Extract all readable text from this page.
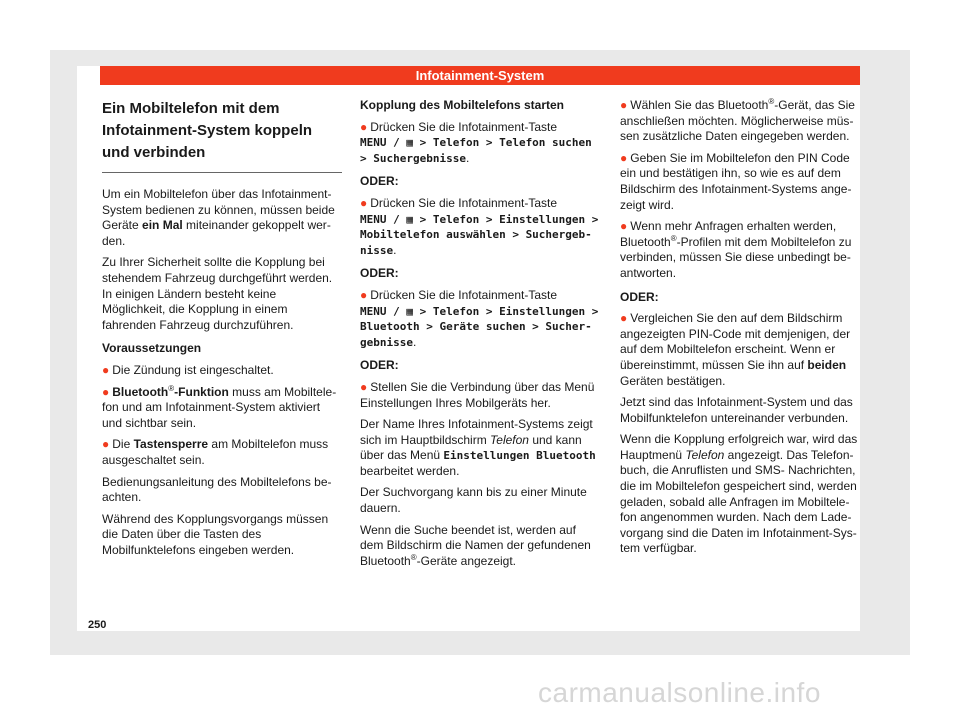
Infotainment-System
Ein Mobiltelefon mit dem Infotainment-System koppeln und verbinden

Um ein Mobiltelefon über das Infotainment-System bedienen zu können, müssen beide Geräte ein Mal miteinander gekoppelt werden.

Zu Ihrer Sicherheit sollte die Kopplung bei stehendem Fahrzeug durchgeführt werden. In einigen Ländern besteht keine Möglichkeit, die Kopplung in einem fahrenden Fahrzeug durchzuführen.

Voraussetzungen
● Die Zündung ist eingeschaltet.
● Bluetooth®-Funktion muss am Mobiltelefon und am Infotainment-System aktiviert und sichtbar sein.
● Die Tastensperre am Mobiltelefon muss ausgeschaltet sein.

Bedienungsanleitung des Mobiltelefons beachten.

Während des Kopplungsvorgangs müssen die Daten über die Tasten des Mobilfunktelefons eingeben werden.

Kopplung des Mobiltelefons starten
● Drücken Sie die Infotainment-Taste
MENU / ▦ > Telefon > Telefon suchen > Suchergebnisse.
ODER:
● Drücken Sie die Infotainment-Taste
MENU / ▦ > Telefon > Einstellungen > Mobiltelefon auswählen > Suchergebnisse.
ODER:
● Drücken Sie die Infotainment-Taste
MENU / ▦ > Telefon > Einstellungen > Bluetooth > Geräte suchen > Suchergebnisse.
ODER:
● Stellen Sie die Verbindung über das Menü Einstellungen Ihres Mobilgeräts her.

Der Name Ihres Infotainment-Systems zeigt sich im Hauptbildschirm Telefon und kann über das Menü Einstellungen Bluetooth bearbeitet werden.

Der Suchvorgang kann bis zu einer Minute dauern.

Wenn die Suche beendet ist, werden auf dem Bildschirm die Namen der gefundenen Bluetooth®-Geräte angezeigt.

● Wählen Sie das Bluetooth®-Gerät, das Sie anschließen möchten. Möglicherweise müssen zusätzliche Daten eingegeben werden.
● Geben Sie im Mobiltelefon den PIN Code ein und bestätigen ihn, so wie es auf dem Bildschirm des Infotainment-Systems angezeigt wird.
● Wenn mehr Anfragen erhalten werden, Bluetooth®-Profilen mit dem Mobiltelefon zu verbinden, müssen Sie diese unbedingt beantworten.
ODER:
● Vergleichen Sie den auf dem Bildschirm angezeigten PIN-Code mit demjenigen, der auf dem Mobiltelefon erscheint. Wenn er übereinstimmt, müssen Sie ihn auf beiden Geräten bestätigen.

Jetzt sind das Infotainment-System und das Mobilfunktelefon untereinander verbunden.

Wenn die Kopplung erfolgreich war, wird das Hauptmenü Telefon angezeigt. Das Telefonbuch, die Anruflisten und SMS- Nachrichten, die im Mobiltelefon gespeichert sind, werden geladen, sobald alle Anfragen im Mobiltelefon angenommen wurden. Nach dem Ladevorgang sind die Daten im Infotainment-System verfügbar.

250
carmanualsonline.info
